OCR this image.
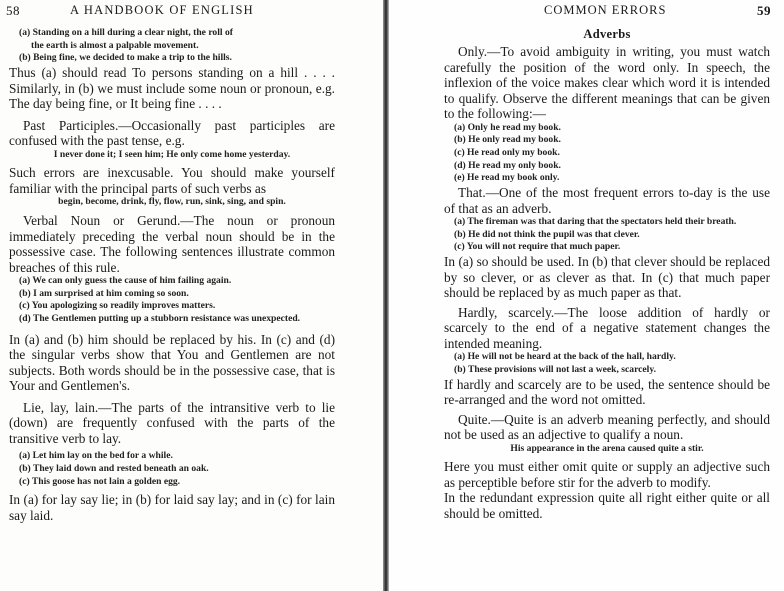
58	A HANDBOOK OF ENGLISH

(a) Standing on a hill during a clear night, the roll of

the earth is almost a palpable movement.

(b) Being fine, we decided to make a trip to the hills.

Thus (a) should read To persons standing on a hill . . . . Similarly, in (b) we must include some noun or pronoun, e.g. The day being fine, or It being fine . . . .

Past Participles.—Occasionally past participles are confused with the past tense, e.g.

I never done it; I seen him; He only come home yesterday.

Such errors are inexcusable. You should make yourself familiar with the principal parts of such verbs as

begin, become, drink, fly, flow, run, sink, sing, and spin.

Verbal Noun or Gerund.—The noun or pronoun immediately preceding the verbal noun should be in the possessive case. The following sentences illustrate common breaches of this rule.

(a) We can only guess the cause of him failing again.

(b) I am surprised at him coming so soon.

(c) You apologizing so readily improves matters.

(d) The Gentlemen putting up a stubborn resistance was unexpected.

In (a) and (b) him should be replaced by his. In (c) and (d) the singular verbs show that You and Gentlemen are not subjects. Both words should be in the possessive case, that is Your and Gentlemen's.

Lie, lay, lain.—The parts of the intransitive verb to lie (down) are frequently confused with the parts of the transitive verb to lay.

(a) Let him lay on the bed for a while.

(b) They laid down and rested beneath an oak.

(c) This goose has not lain a golden egg.

In (a) for lay say lie; in (b) for laid say lay; and in (c) for lain say laid.

COMMON ERRORS	59
Adverbs

Only.—To avoid ambiguity in writing, you must watch carefully the position of the word only. In speech, the inflexion of the voice makes clear which word it is intended to qualify. Observe the different meanings that can be given to the following:—

(a) Only he read my book.

(b) He only read my book.

(c) He read only my book.

(d) He read my only book.

(e) He read my book only.

That.—One of the most frequent errors to-day is the use of that as an adverb.

(a) The fireman was that daring that the spectators held their breath.

(b) He did not think the pupil was that clever.

(c) You will not require that much paper.

In (a) so should be used. In (b) that clever should be replaced by so clever, or as clever as that. In (c) that much paper should be replaced by as much paper as that.

Hardly, scarcely.—The loose addition of hardly or scarcely to the end of a negative statement changes the intended meaning.

(a) He will not be heard at the back of the hall, hardly.

(b) These provisions will not last a week, scarcely.

If hardly and scarcely are to be used, the sentence should be re-arranged and the word not omitted.

Quite.—Quite is an adverb meaning perfectly, and should not be used as an adjective to qualify a noun.

His appearance in the arena caused quite a stir.

Here you must either omit quite or supply an adjective such as perceptible before stir for the adverb to modify.

In the redundant expression quite all right either quite or all should be omitted.
